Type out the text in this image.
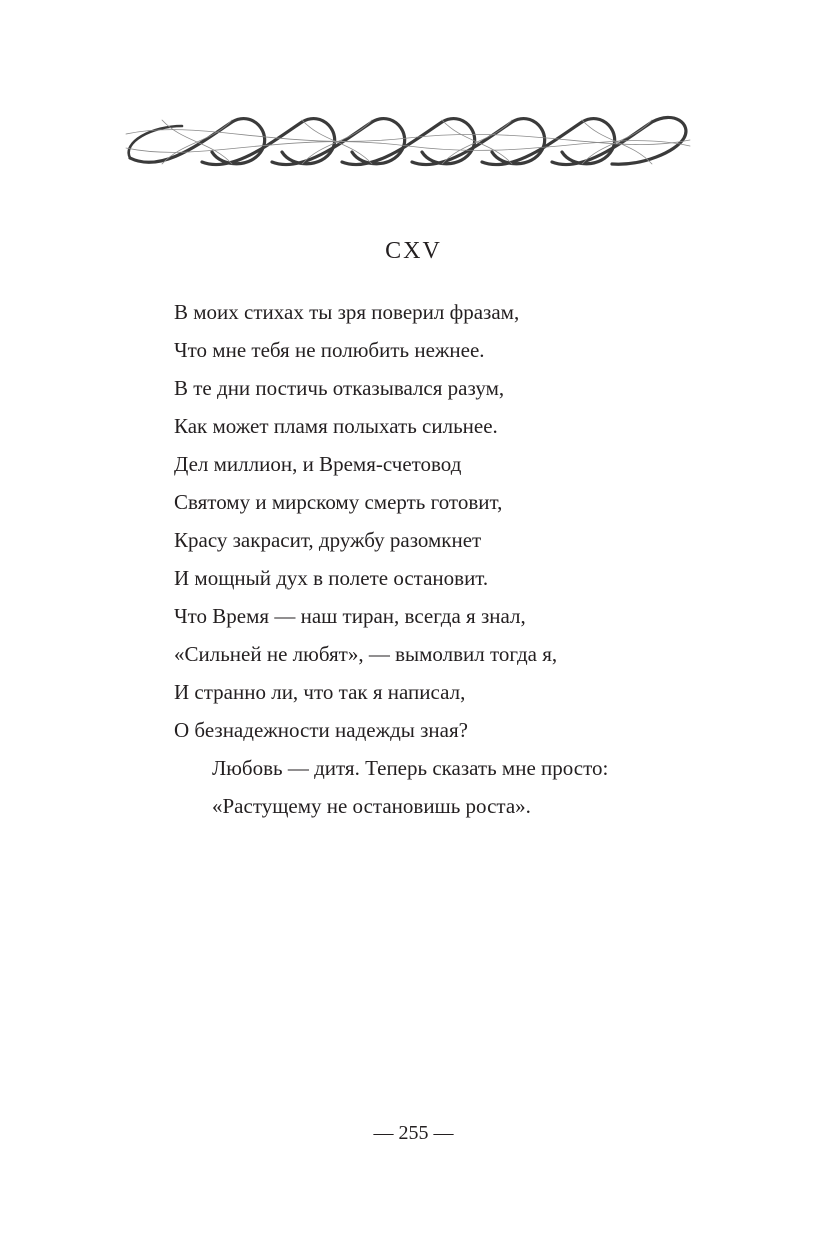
CXV
В моих стихах ты зря поверил фразам,
Что мне тебя не полюбить нежнее.
В те дни постичь отказывался разум,
Как может пламя полыхать сильнее.
Дел миллион, и Время-счетовод
Святому и мирскому смерть готовит,
Красу закрасит, дружбу разомкнет
И мощный дух в полете остановит.
Что Время — наш тиран, всегда я знал,
«Сильней не любят», — вымолвил тогда я,
И странно ли, что так я написал,
О безнадежности надежды зная?
Любовь — дитя. Теперь сказать мне просто:
«Растущему не остановишь роста».
— 255 —
